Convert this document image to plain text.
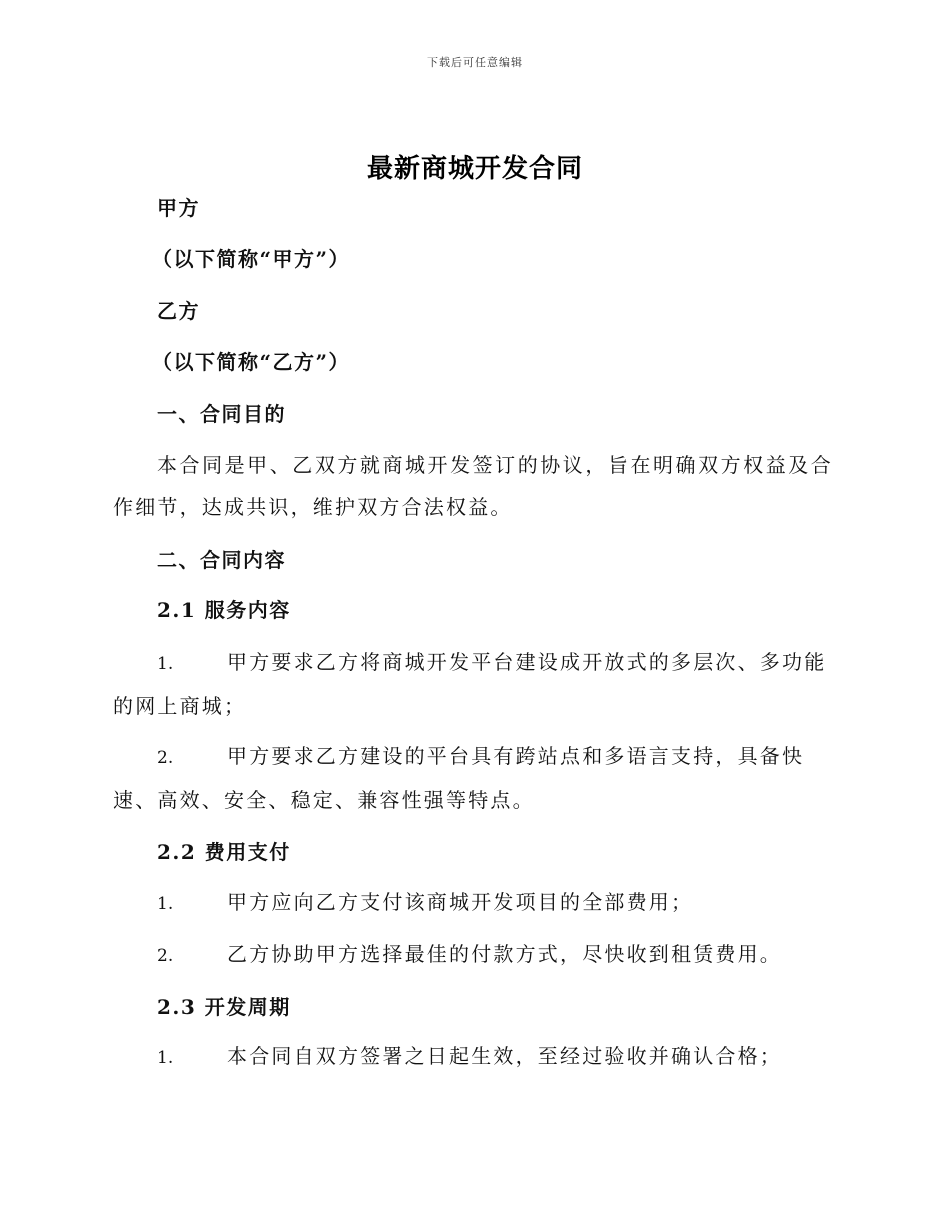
下载后可任意编辑
最新商城开发合同
甲方
（以下简称“甲方”）
乙方
（以下简称“乙方”）
一、合同目的
本合同是甲、乙双方就商城开发签订的协议，旨在明确双方权益及合作细节，达成共识，维护双方合法权益。
二、合同内容
2.1 服务内容
1.	甲方要求乙方将商城开发平台建设成开放式的多层次、多功能的网上商城；
2.	甲方要求乙方建设的平台具有跨站点和多语言支持，具备快速、高效、安全、稳定、兼容性强等特点。
2.2 费用支付
1.	甲方应向乙方支付该商城开发项目的全部费用；
2.	乙方协助甲方选择最佳的付款方式，尽快收到租赁费用。
2.3 开发周期
1.	本合同自双方签署之日起生效，至经过验收并确认合格；
